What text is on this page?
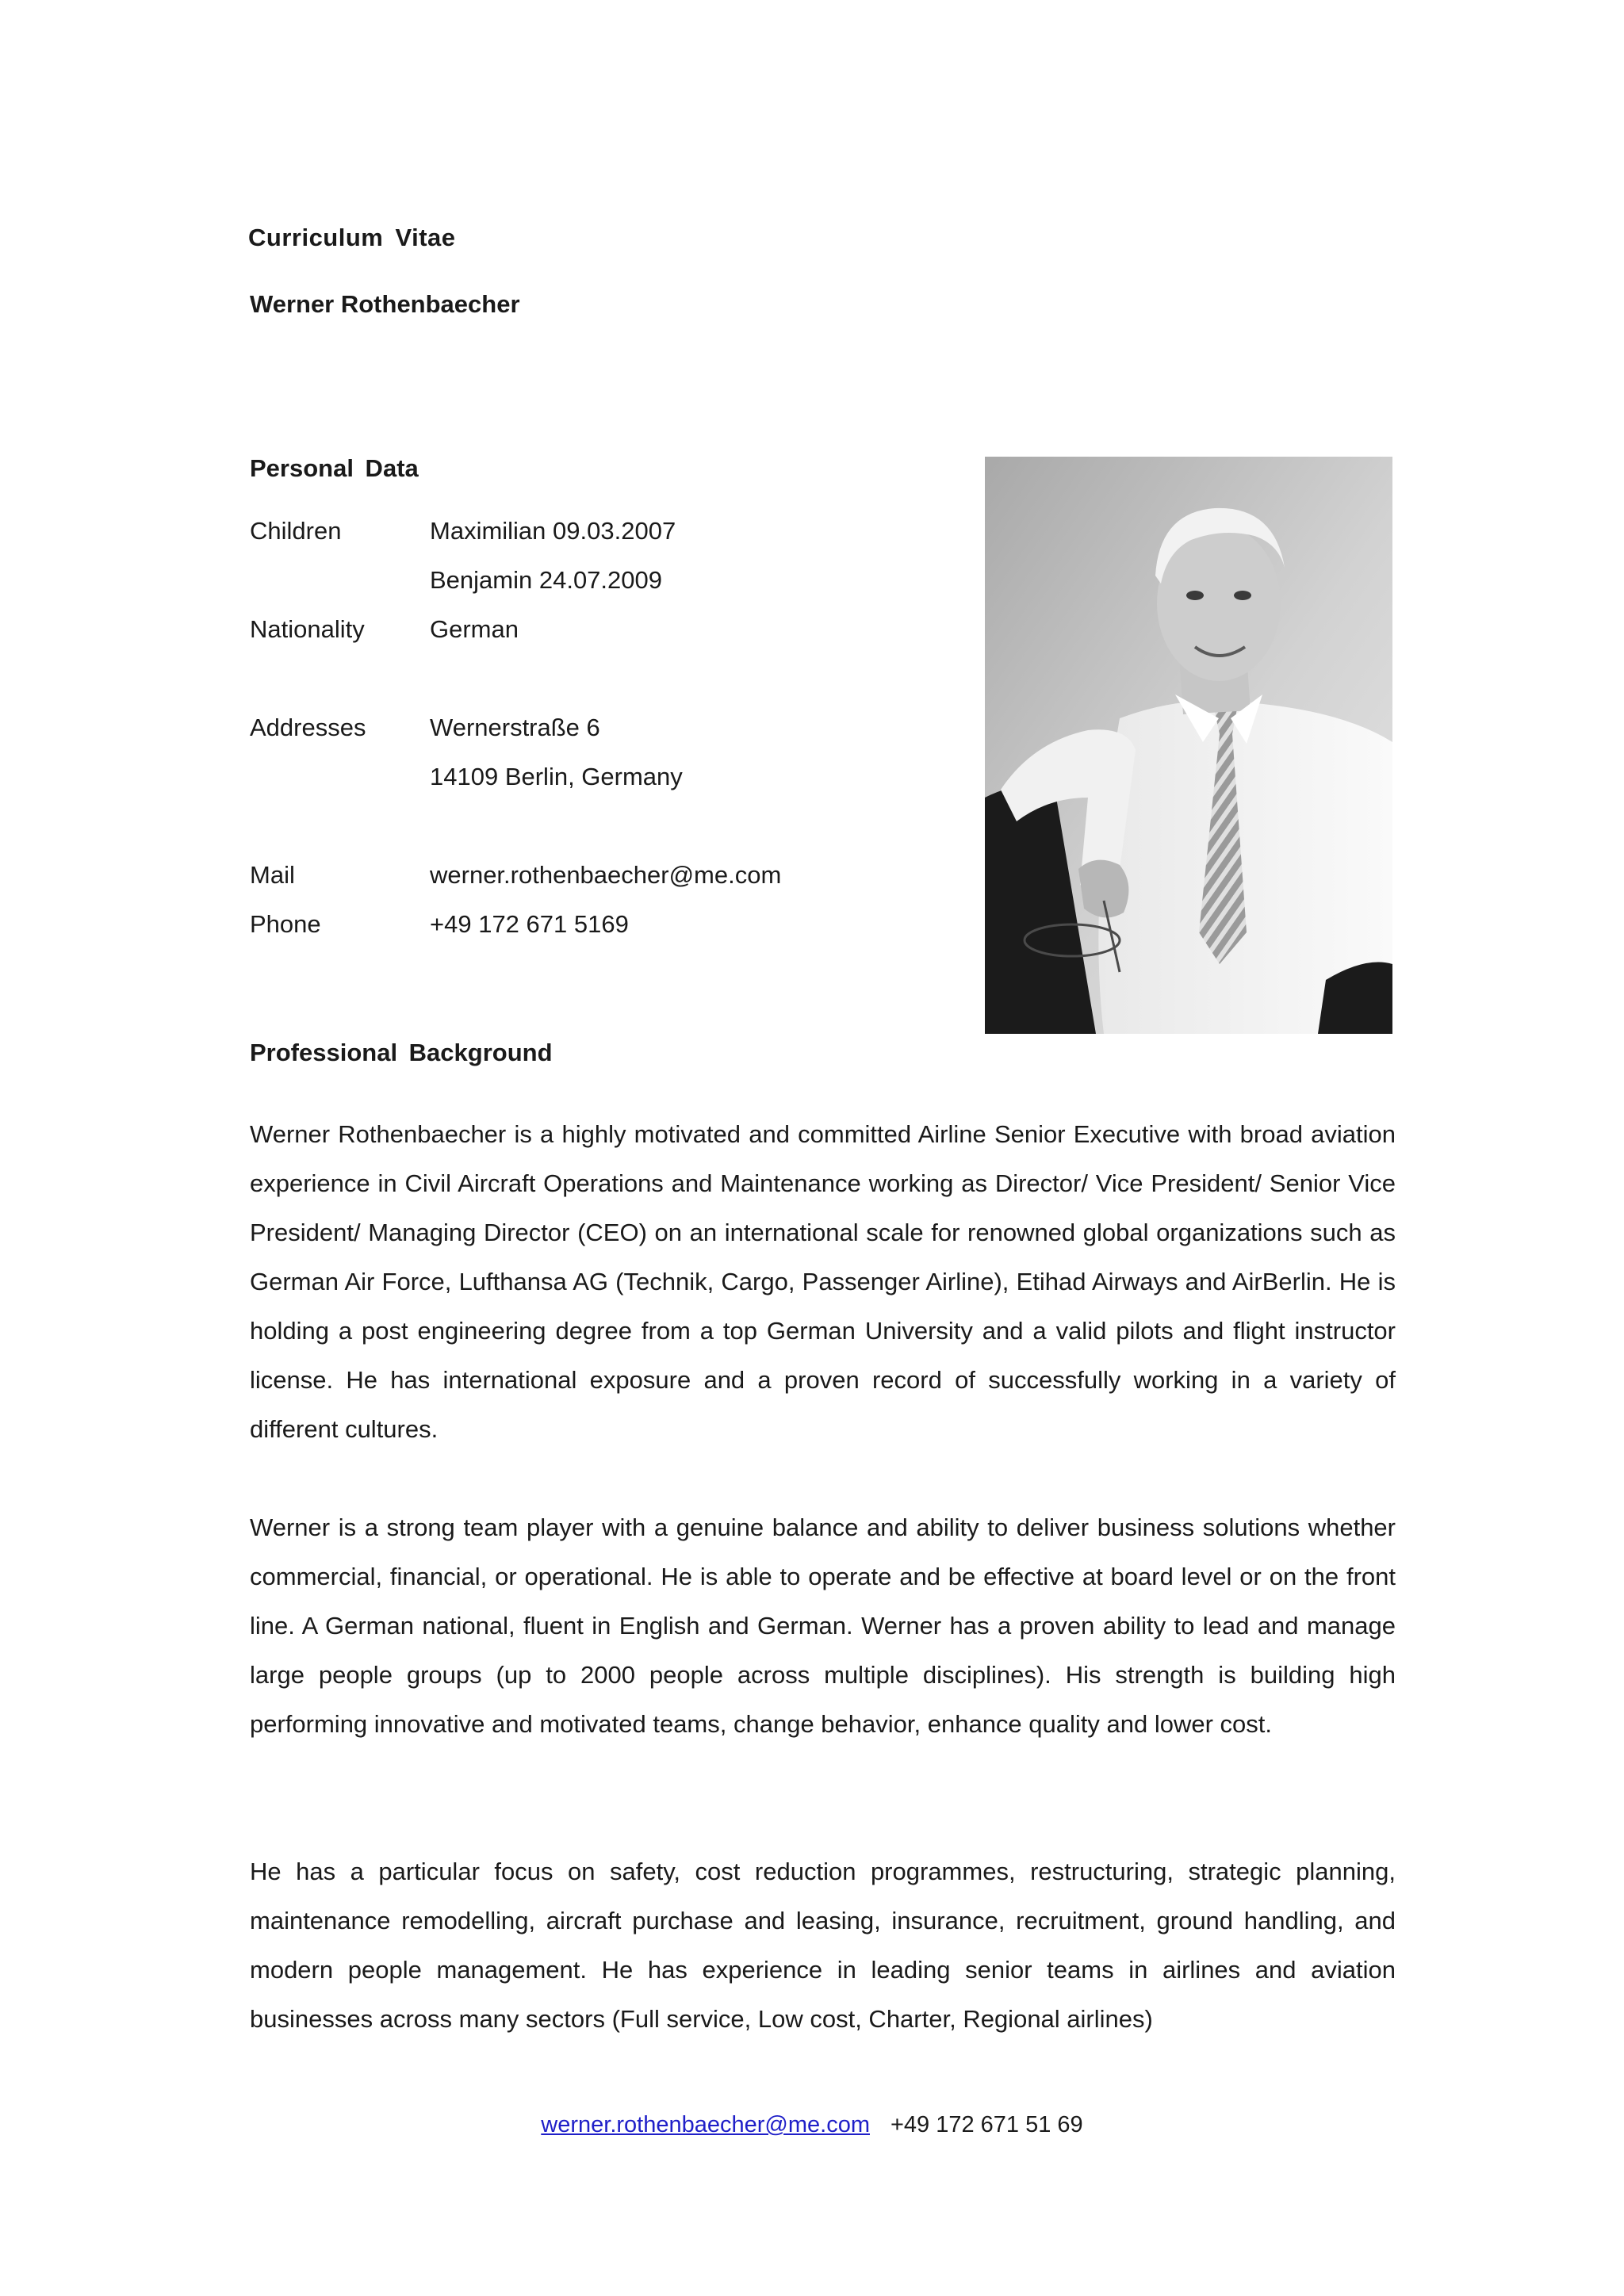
Curriculum Vitae
Werner Rothenbaecher
Personal Data
Children	Maximilian 09.03.2007
Benjamin 24.07.2009
Nationality	German
Addresses	Wernerstraße 6
14109 Berlin, Germany
Mail	werner.rothenbaecher@me.com
Phone	+49 172 671 5169
Professional Background

Werner Rothenbaecher is a highly motivated and committed Airline Senior Executive with broad aviation experience in Civil Aircraft Operations and Maintenance working as Director/ Vice President/ Senior Vice President/ Managing Director (CEO) on an international scale for renowned global organizations such as German Air Force, Lufthansa AG (Technik, Cargo, Passenger Airline), Etihad Airways and AirBerlin. He is holding a post engineering degree from a top German University and a valid pilots and flight instructor license. He has international exposure and a proven record of successfully working in a variety of different cultures.

Werner is a strong team player with a genuine balance and ability to deliver business solutions whether commercial, financial, or operational. He is able to operate and be effective at board level or on the front line. A German national, fluent in English and German. Werner has a proven ability to lead and manage large people groups (up to 2000 people across multiple disciplines). His strength is building high performing innovative and motivated teams, change behavior, enhance quality and lower cost.

He has a particular focus on safety, cost reduction programmes, restructuring, strategic planning, maintenance remodelling, aircraft purchase and leasing, insurance, recruitment, ground handling, and modern people management. He has experience in leading senior teams in airlines and aviation businesses across many sectors (Full service, Low cost, Charter, Regional airlines)

werner.rothenbaecher@me.com +49 172 671 51 69
